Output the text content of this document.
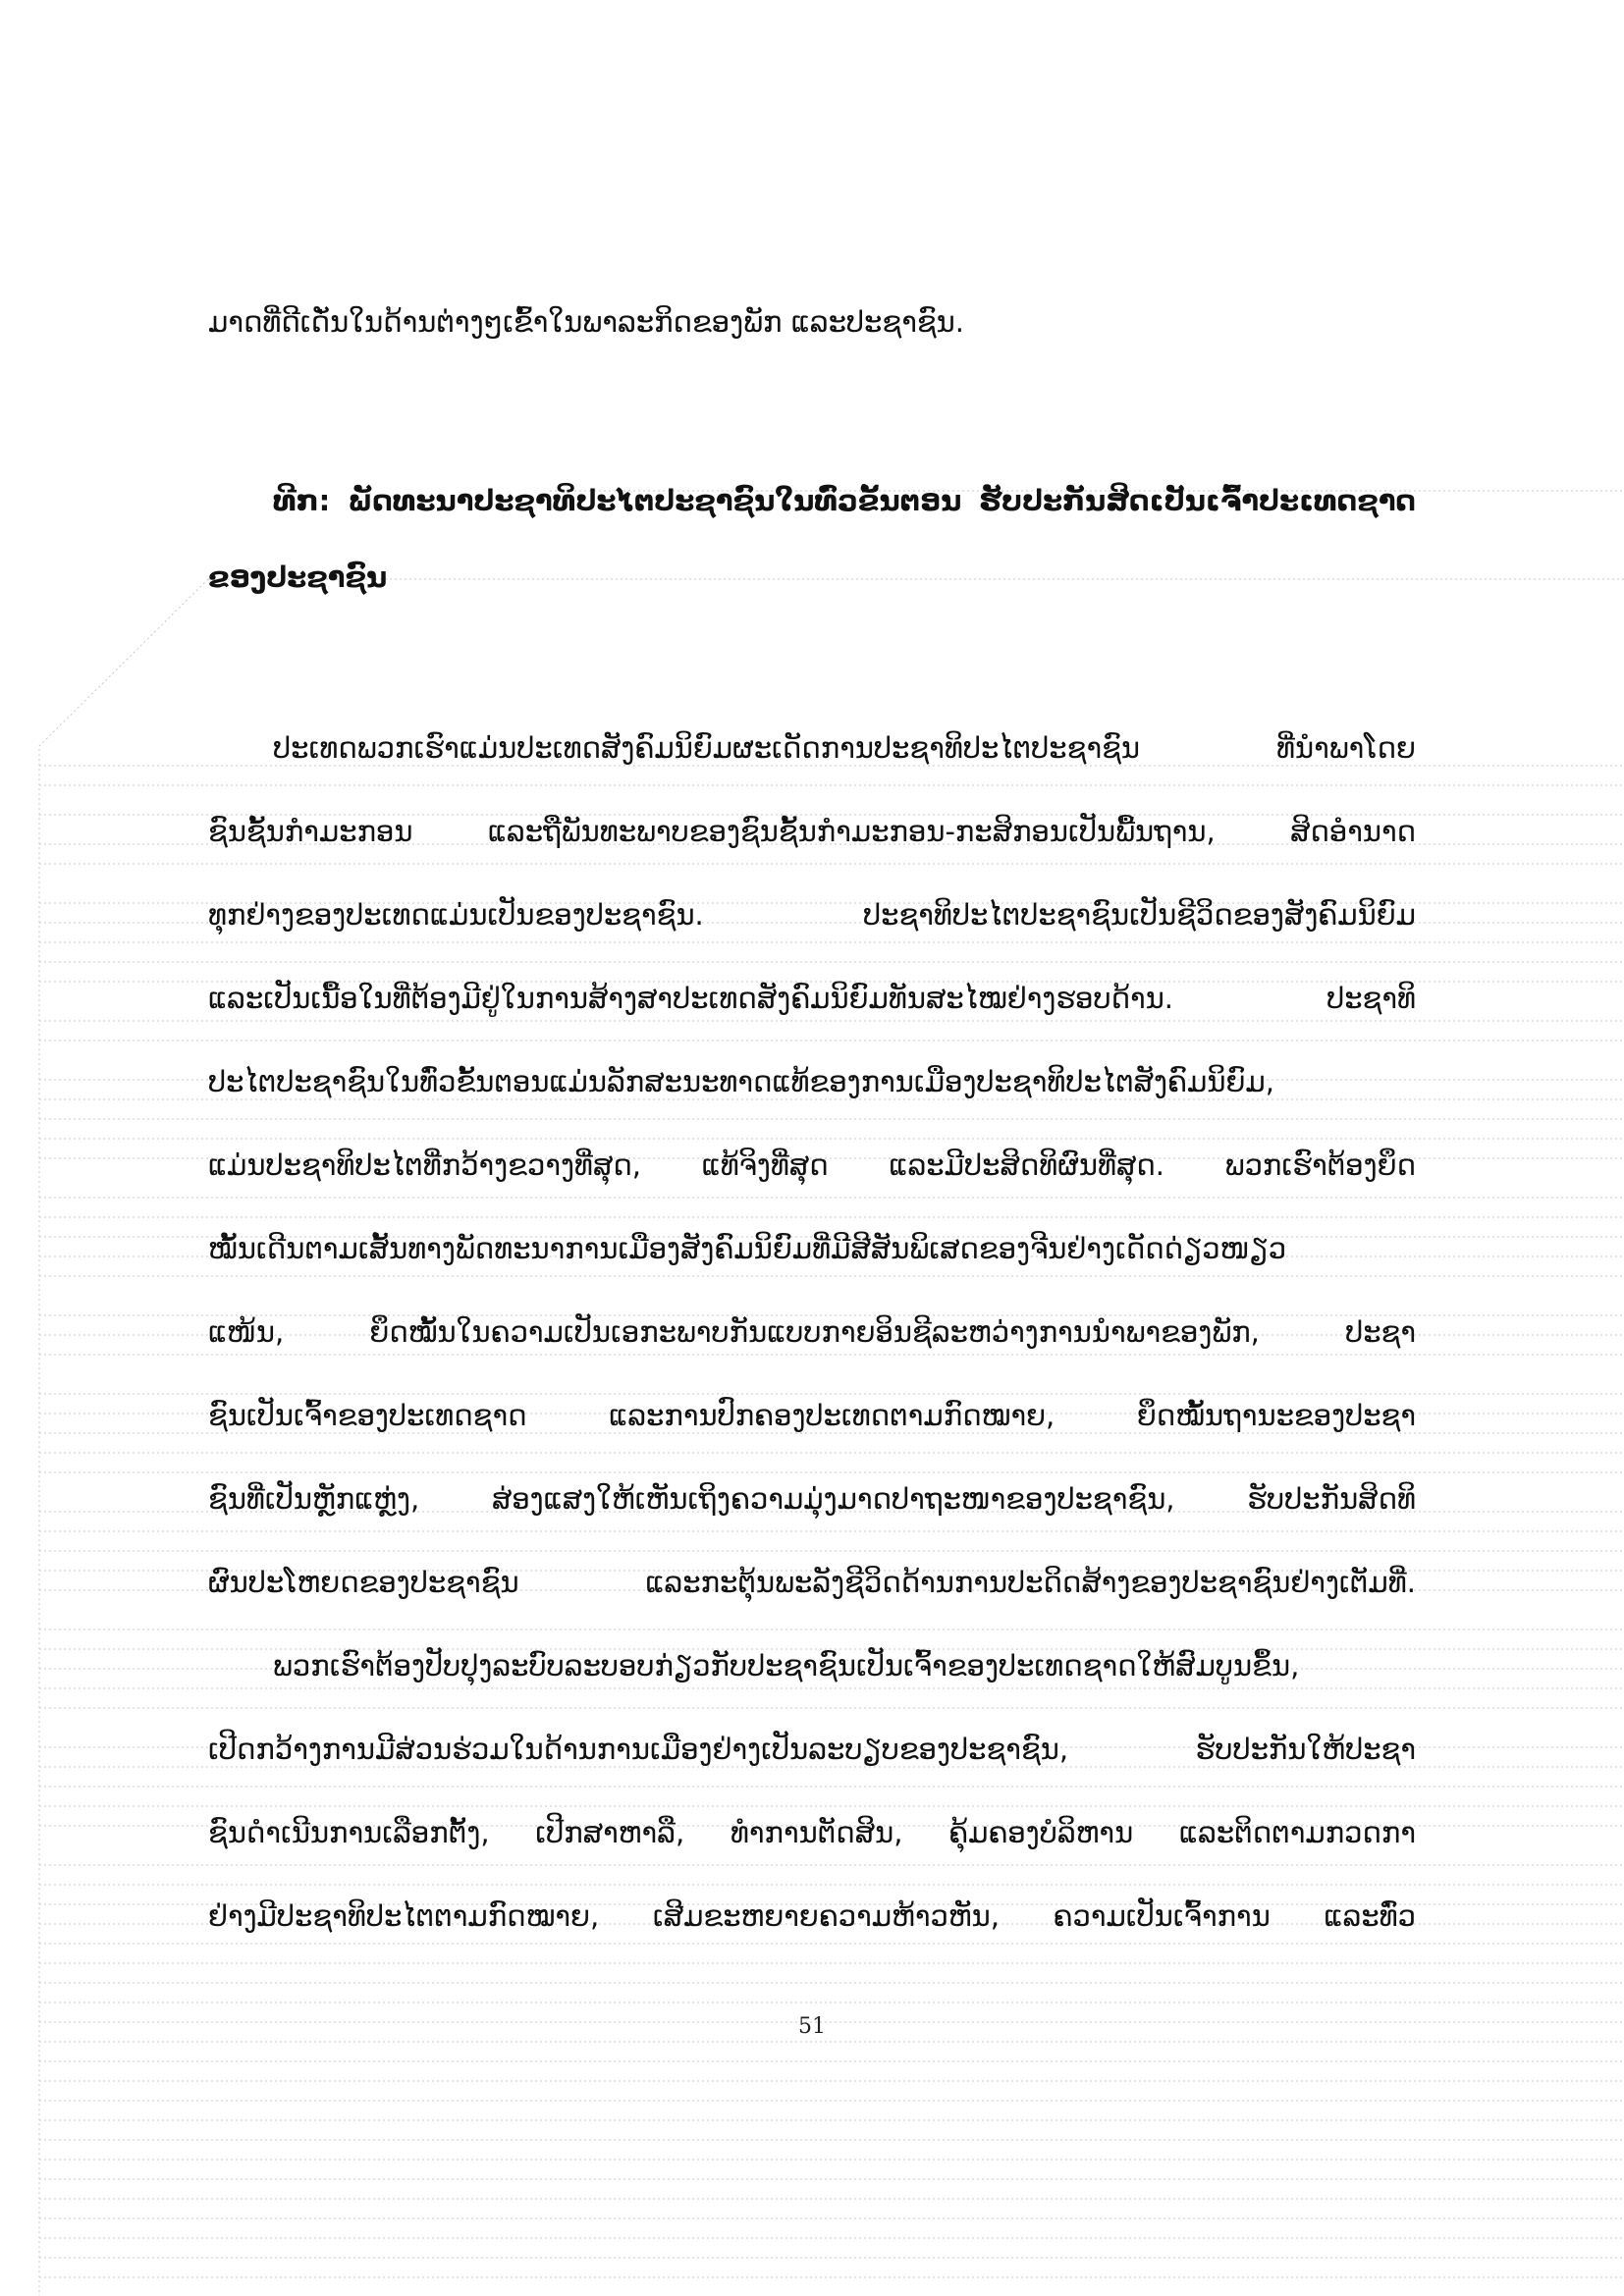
ມາດທີ່ດີເດັ່ນໃນດ້ານຕ່າງໆເຂົ້າໃນພາລະກິດຂອງພັກ ແລະປະຊາຊົນ.
ທີກ: ພັດທະນາປະຊາທິປະໄຕປະຊາຊົນໃນທົ່ວຂັ້ນຕອນ ຮັບປະກັນສິດເປັນເຈົ້າປະເທດຊາດ
ຂອງປະຊາຊົນ
ປະເທດພວກເຮົາແມ່ນປະເທດສັງຄົມນິຍົມຜະເດັດການປະຊາທິປະໄຕປະຊາຊົນ ທີ່ນຳພາໂດຍ
ຊົນຊັ້ນກຳມະກອນ ແລະຖືພັນທະພາບຂອງຊົນຊັ້ນກຳມະກອນ-ກະສິກອນເປັນພື້ນຖານ, ສິດອຳນາດ
ທຸກຢ່າງຂອງປະເທດແມ່ນເປັນຂອງປະຊາຊົນ. ປະຊາທິປະໄຕປະຊາຊົນເປັນຊີວິດຂອງສັງຄົມນິຍົມ
ແລະເປັນເນື້ອໃນທີ່ຕ້ອງມີຢູ່ໃນການສ້າງສາປະເທດສັງຄົມນິຍົມທັນສະໄໝຢ່າງຮອບດ້ານ. ປະຊາທິ
ປະໄຕປະຊາຊົນໃນທົ່ວຂັ້ນຕອນແມ່ນລັກສະນະທາດແທ້ຂອງການເມືອງປະຊາທິປະໄຕສັງຄົມນິຍົມ,
ແມ່ນປະຊາທິປະໄຕທີ່ກວ້າງຂວາງທີ່ສຸດ, ແທ້ຈິງທີ່ສຸດ ແລະມີປະສິດທິຜົນທີ່ສຸດ. ພວກເຮົາຕ້ອງຍຶດ
ໝັ້ນເດີນຕາມເສັ້ນທາງພັດທະນາການເມືອງສັງຄົມນິຍົມທີ່ມີສີສັນພິເສດຂອງຈີນຢ່າງເດັດດ່ຽວໜຽວ
ແໜ້ນ, ຍຶດໝັ້ນໃນຄວາມເປັນເອກະພາບກັນແບບກາຍອິນຊີລະຫວ່າງການນຳພາຂອງພັກ, ປະຊາ
ຊົນເປັນເຈົ້າຂອງປະເທດຊາດ ແລະການປົກຄອງປະເທດຕາມກົດໝາຍ, ຍຶດໝັ້ນຖານະຂອງປະຊາ
ຊົນທີ່ເປັນຫຼັກແຫຼ່ງ, ສ່ອງແສງໃຫ້ເຫັນເຖິງຄວາມມຸ່ງມາດປາຖະໜາຂອງປະຊາຊົນ, ຮັບປະກັນສິດທິ
ຜົນປະໂຫຍດຂອງປະຊາຊົນ ແລະກະຕຸ້ນພະລັງຊີວິດດ້ານການປະດິດສ້າງຂອງປະຊາຊົນຢ່າງເຕັມທີ່.
ພວກເຮົາຕ້ອງປັບປຸງລະບົບລະບອບກ່ຽວກັບປະຊາຊົນເປັນເຈົ້າຂອງປະເທດຊາດໃຫ້ສົມບູນຂຶ້ນ,
ເປີດກວ້າງການມີສ່ວນຮ່ວມໃນດ້ານການເມືອງຢ່າງເປັນລະບຽບຂອງປະຊາຊົນ, ຮັບປະກັນໃຫ້ປະຊາ
ຊົນດຳເນີນການເລືອກຕັ້ງ, ເປີກສາຫາລື, ທຳການຕັດສິນ, ຄຸ້ມຄອງບໍລິຫານ ແລະຕິດຕາມກວດກາ
ຢ່າງມີປະຊາທິປະໄຕຕາມກົດໝາຍ, ເສີມຂະຫຍາຍຄວາມຫ້າວຫັນ, ຄວາມເປັນເຈົ້າການ ແລະທົ່ວ
51
